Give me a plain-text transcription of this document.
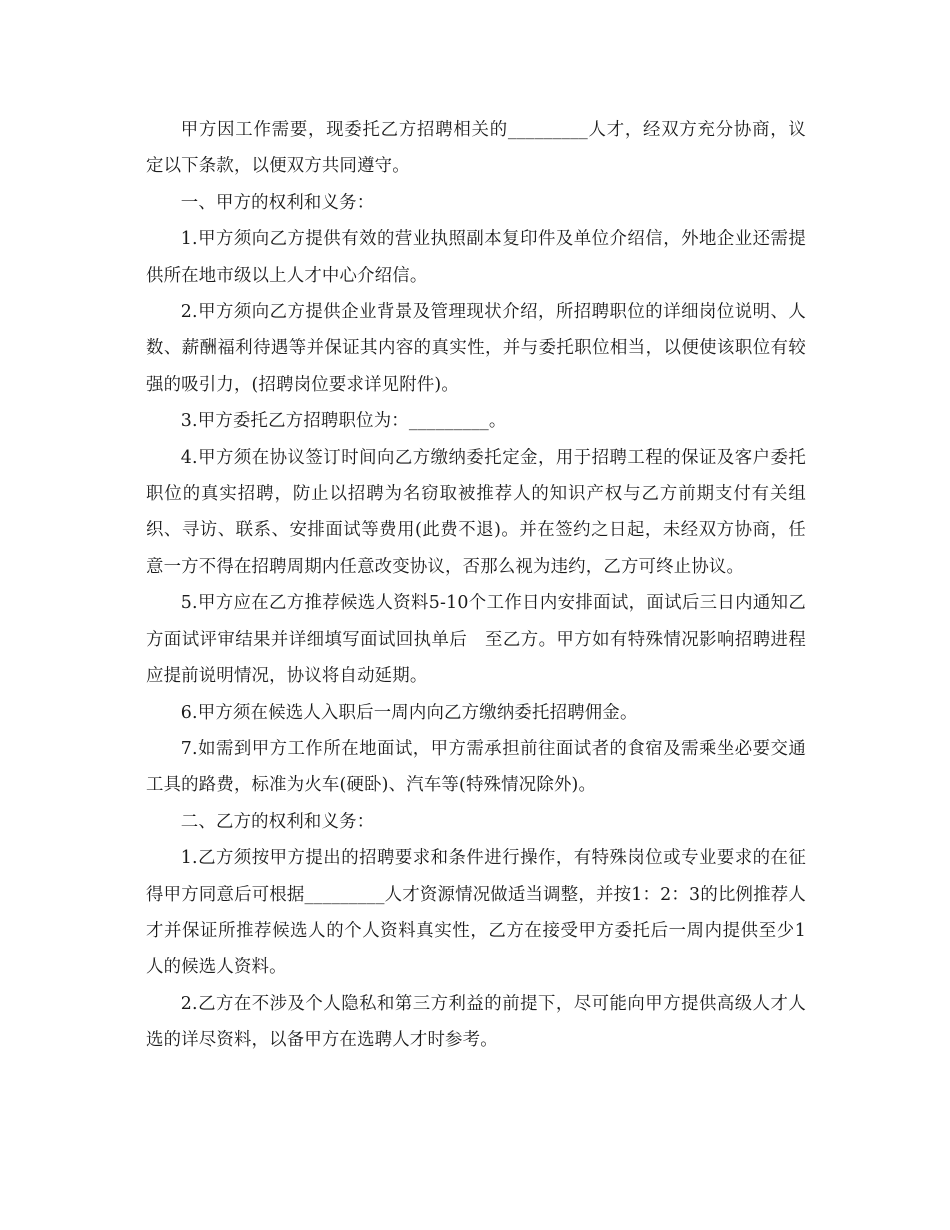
甲方因工作需要，现委托乙方招聘相关的_________人才，经双方充分协商，议定以下条款，以便双方共同遵守。

一、甲方的权利和义务：

1.甲方须向乙方提供有效的营业执照副本复印件及单位介绍信，外地企业还需提供所在地市级以上人才中心介绍信。

2.甲方须向乙方提供企业背景及管理现状介绍，所招聘职位的详细岗位说明、人数、薪酬福利待遇等并保证其内容的真实性，并与委托职位相当，以便使该职位有较强的吸引力，(招聘岗位要求详见附件)。

3.甲方委托乙方招聘职位为：_________。

4.甲方须在协议签订时间向乙方缴纳委托定金，用于招聘工程的保证及客户委托职位的真实招聘，防止以招聘为名窃取被推荐人的知识产权与乙方前期支付有关组织、寻访、联系、安排面试等费用(此费不退)。并在签约之日起，未经双方协商，任意一方不得在招聘周期内任意改变协议，否那么视为违约，乙方可终止协议。

5.甲方应在乙方推荐候选人资料5-10个工作日内安排面试，面试后三日内通知乙方面试评审结果并详细填写面试回执单后　至乙方。甲方如有特殊情况影响招聘进程应提前说明情况，协议将自动延期。

6.甲方须在候选人入职后一周内向乙方缴纳委托招聘佣金。

7.如需到甲方工作所在地面试，甲方需承担前往面试者的食宿及需乘坐必要交通工具的路费，标准为火车(硬卧)、汽车等(特殊情况除外)。

二、乙方的权利和义务：

1.乙方须按甲方提出的招聘要求和条件进行操作，有特殊岗位或专业要求的在征得甲方同意后可根据_________人才资源情况做适当调整，并按1：2：3的比例推荐人才并保证所推荐候选人的个人资料真实性，乙方在接受甲方委托后一周内提供至少1人的候选人资料。

2.乙方在不涉及个人隐私和第三方利益的前提下，尽可能向甲方提供高级人才人选的详尽资料，以备甲方在选聘人才时参考。
